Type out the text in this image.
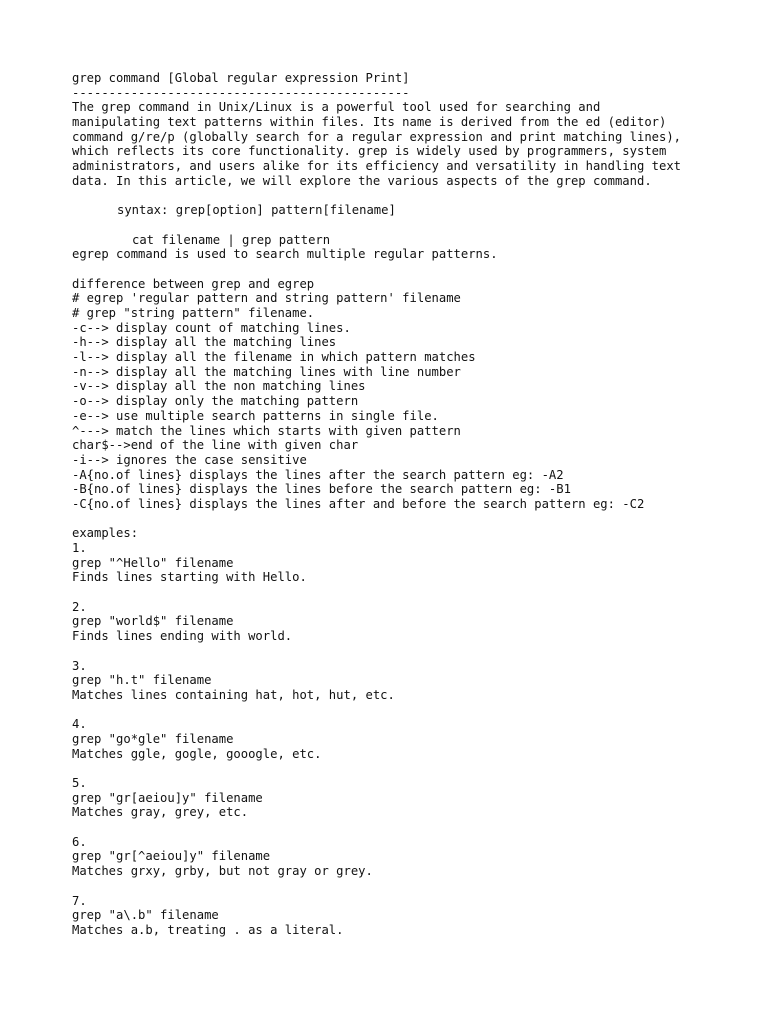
grep command [Global regular expression Print]
----------------------------------------------
The grep command in Unix/Linux is a powerful tool used for searching and
manipulating text patterns within files. Its name is derived from the ed (editor)
command g/re/p (globally search for a regular expression and print matching lines),
which reflects its core functionality. grep is widely used by programmers, system
administrators, and users alike for its efficiency and versatility in handling text
data. In this article, we will explore the various aspects of the grep command.
syntax: grep[option] pattern[filename]
cat filename | grep pattern
egrep command is used to search multiple regular patterns.
difference between grep and egrep
# egrep 'regular pattern and string pattern' filename
# grep "string pattern" filename.
-c--> display count of matching lines.
-h--> display all the matching lines
-l--> display all the filename in which pattern matches
-n--> display all the matching lines with line number
-v--> display all the non matching lines
-o--> display only the matching pattern
-e--> use multiple search patterns in single file.
^---> match the lines which starts with given pattern
char$-->end of the line with given char
-i--> ignores the case sensitive
-A{no.of lines} displays the lines after the search pattern eg: -A2
-B{no.of lines} displays the lines before the search pattern eg: -B1
-C{no.of lines} displays the lines after and before the search pattern eg: -C2
examples:
1.
grep "^Hello" filename
Finds lines starting with Hello.
2.
grep "world$" filename
Finds lines ending with world.
3.
grep "h.t" filename
Matches lines containing hat, hot, hut, etc.
4.
grep "go*gle" filename
Matches ggle, gogle, gooogle, etc.
5.
grep "gr[aeiou]y" filename
Matches gray, grey, etc.
6.
grep "gr[^aeiou]y" filename
Matches grxy, grby, but not gray or grey.
7.
grep "a\.b" filename
Matches a.b, treating . as a literal.
